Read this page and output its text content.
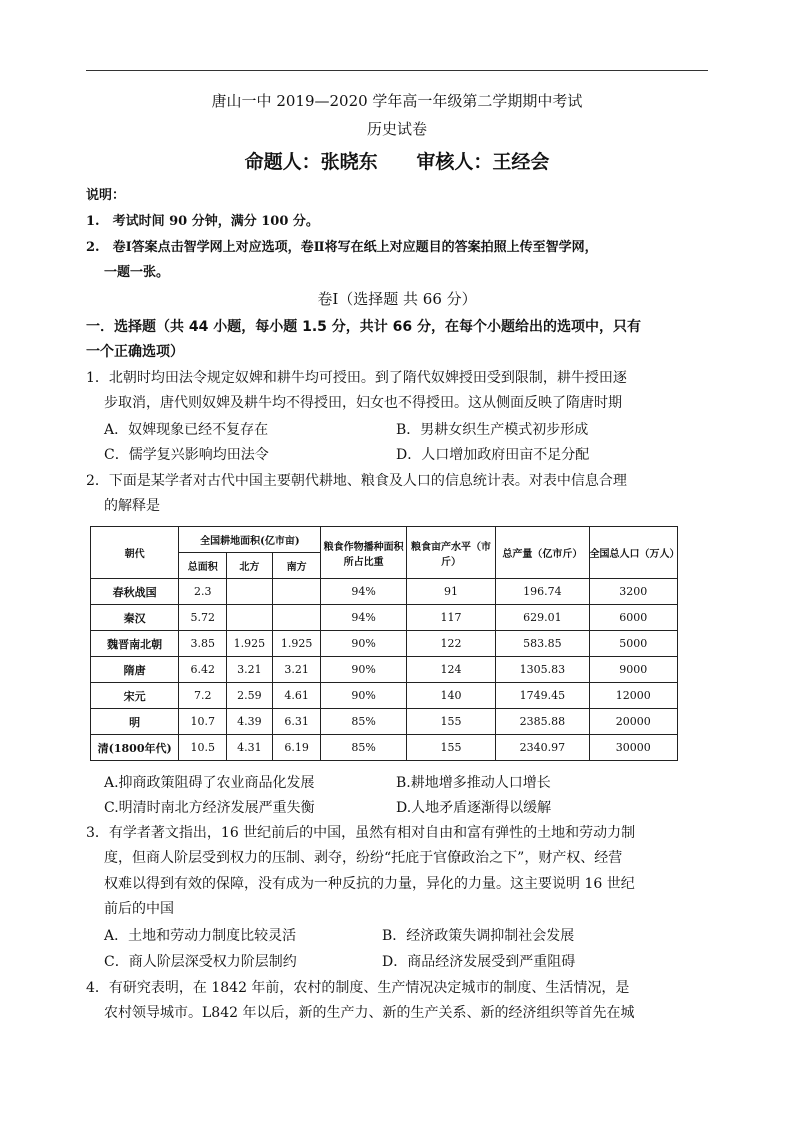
唐山一中 2019—2020 学年高一年级第二学期期中考试
历史试卷
命题人：张晓东 审核人：王经会
说明：
1.　考试时间 90 分钟，满分 100 分。
2.　卷Ⅰ答案点击智学网上对应选项，卷Ⅱ将写在纸上对应题目的答案拍照上传至智学网，
一题一张。
卷Ⅰ（选择题 共 66 分）
一．选择题（共 44 小题，每小题 1.5 分，共计 66 分，在每个小题给出的选项中，只有
一个正确选项）
1．北朝时均田法令规定奴婢和耕牛均可授田。到了隋代奴婢授田受到限制，耕牛授田逐
步取消，唐代则奴婢及耕牛均不得授田，妇女也不得授田。这从侧面反映了隋唐时期
A．奴婢现象已经不复存在	B．男耕女织生产模式初步形成
C．儒学复兴影响均田法令	D．人口增加政府田亩不足分配
2．下面是某学者对古代中国主要朝代耕地、粮食及人口的信息统计表。对表中信息合理
的解释是
朝代	全国耕地面积(亿市亩)			粮食作物播种面积所占比重	粮食亩产水平（市斤）	总产量（亿市斤）	全国总人口（万人）
	总面积	北方	南方				
春秋战国	2.3			94%	91	196.74	3200
秦汉	5.72			94%	117	629.01	6000
魏晋南北朝	3.85	1.925	1.925	90%	122	583.85	5000
隋唐	6.42	3.21	3.21	90%	124	1305.83	9000
宋元	7.2	2.59	4.61	90%	140	1749.45	12000
明	10.7	4.39	6.31	85%	155	2385.88	20000
清(1800年代)	10.5	4.31	6.19	85%	155	2340.97	30000
A.抑商政策阻碍了农业商品化发展	B.耕地增多推动人口增长
C.明清时南北方经济发展严重失衡	D.人地矛盾逐渐得以缓解
3．有学者著文指出，16 世纪前后的中国，虽然有相对自由和富有弹性的土地和劳动力制
度，但商人阶层受到权力的压制、剥夺，纷纷“托庇于官僚政治之下”，财产权、经营
权难以得到有效的保障，没有成为一种反抗的力量，异化的力量。这主要说明 16 世纪
前后的中国
A．土地和劳动力制度比较灵活	B．经济政策失调抑制社会发展
C．商人阶层深受权力阶层制约	D．商品经济发展受到严重阻碍
4．有研究表明，在 1842 年前，农村的制度、生产情况决定城市的制度、生活情况，是
农村领导城市。L842 年以后，新的生产力、新的生产关系、新的经济组织等首先在城
